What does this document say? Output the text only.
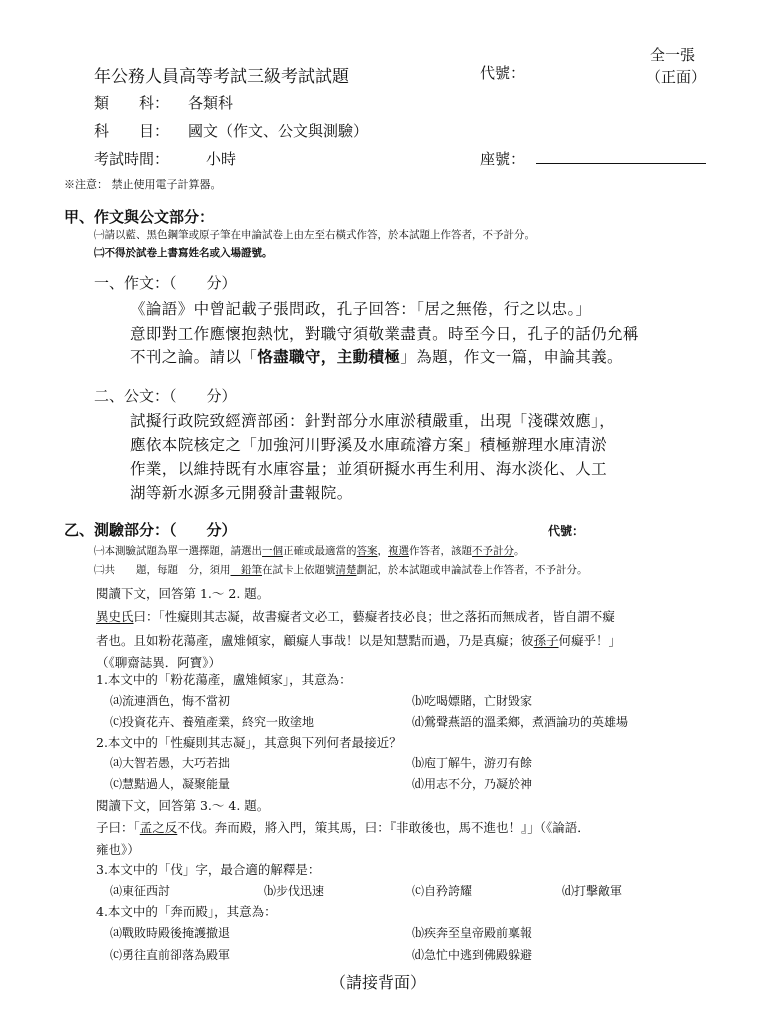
年公務人員高等考試三級考試試題	代號：
全一張
（正面）
類　　科： 各類科
科　　目： 國文（作文、公文與測驗）
考試時間： 小時	座號：
※注意： 禁止使用電子計算器。
甲、作文與公文部分：
㈠請以藍、黑色鋼筆或原子筆在申論試卷上由左至右橫式作答，於本試題上作答者，不予計分。
㈡不得於試卷上書寫姓名或入場證號。
一、作文：（　　分）
《論語》中曾記載子張問政，孔子回答：「居之無倦，行之以忠。」
意即對工作應懷抱熱忱，對職守須敬業盡責。時至今日，孔子的話仍允稱
不刊之論。請以「恪盡職守，主動積極」為題，作文一篇，申論其義。
二、公文：（　　分）
試擬行政院致經濟部函：針對部分水庫淤積嚴重，出現「淺碟效應」，
應依本院核定之「加強河川野溪及水庫疏濬方案」積極辦理水庫清淤
作業，以維持既有水庫容量；並須研擬水再生利用、海水淡化、人工
湖等新水源多元開發計畫報院。
乙、測驗部分：（　　分）	代號：
㈠本測驗試題為單一選擇題，請選出一個正確或最適當的答案，複選作答者，該題不予計分。
㈡共　　題，每題　分，須用　鉛筆在試卡上依題號清楚劃記，於本試題或申論試卷上作答者，不予計分。
閱讀下文，回答第 1.～ 2. 題。
異史氏曰：「性癡則其志凝，故書癡者文必工，藝癡者技必良；世之落拓而無成者，皆自謂不癡
者也。且如粉花蕩產，盧雉傾家，顧癡人事哉！以是知慧黠而過，乃是真癡；彼孫子何癡乎！」
（《聊齋誌異．阿寶》）
1.本文中的「粉花蕩產，盧雉傾家」，其意為：
⒜流連酒色，悔不當初	⒝吃喝嫖賭，亡財毀家
⒞投資花卉、養殖產業，終究一敗塗地	⒟鶯聲燕語的溫柔鄉，煮酒論功的英雄場
2.本文中的「性癡則其志凝」，其意與下列何者最接近？
⒜大智若愚，大巧若拙	⒝庖丁解牛，游刃有餘
⒞慧黠過人，凝聚能量	⒟用志不分，乃凝於神
閱讀下文，回答第 3.～ 4. 題。
子曰：「孟之反不伐。奔而殿，將入門，策其馬，曰：『非敢後也，馬不進也！』」（《論語．
雍也》）
3.本文中的「伐」字，最合適的解釋是：
⒜東征西討	⒝步伐迅速	⒞自矜誇耀	⒟打擊敵軍
4.本文中的「奔而殿」，其意為：
⒜戰敗時殿後掩護撤退	⒝疾奔至皇帝殿前稟報
⒞勇往直前卻落為殿軍	⒟急忙中逃到佛殿躲避
（請接背面）
